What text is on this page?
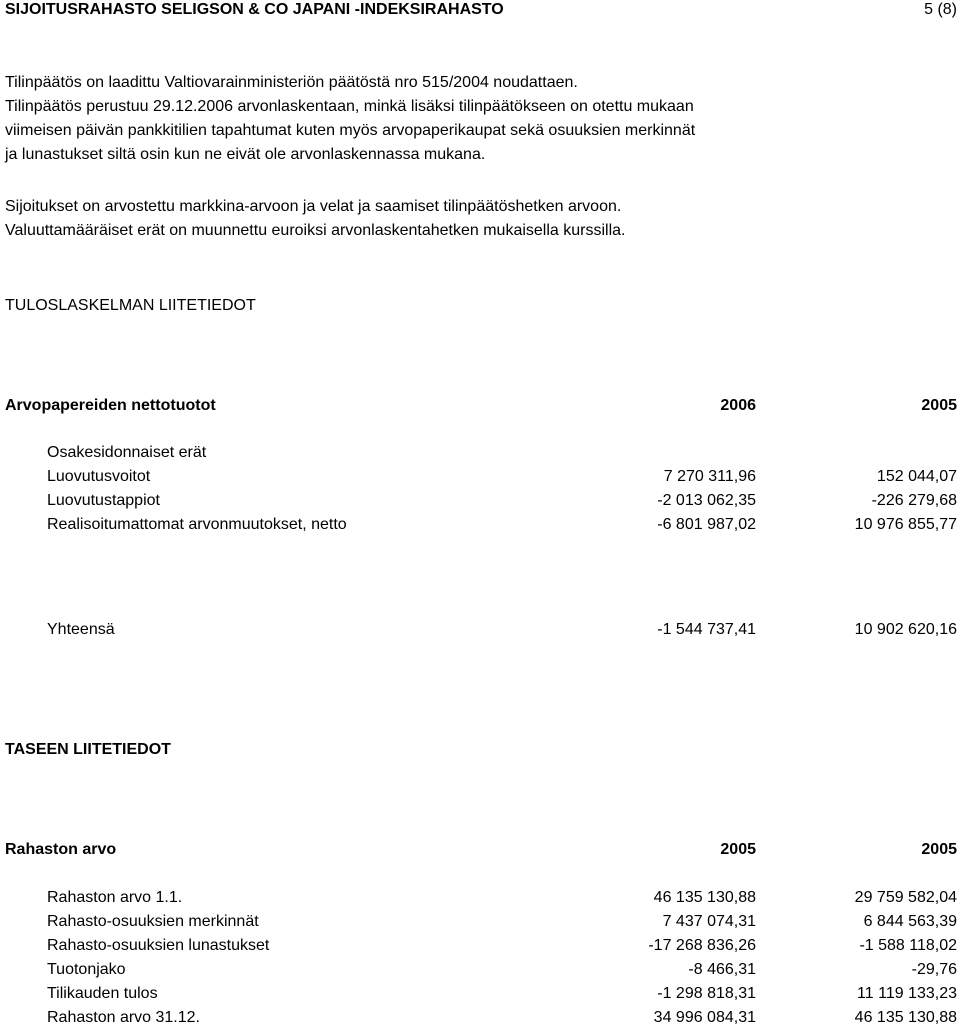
SIJOITUSRAHASTO SELIGSON & CO JAPANI -INDEKSIRAHASTO	5 (8)
Tilinpäätös on laadittu Valtiovarainministeriön päätöstä nro 515/2004 noudattaen.
Tilinpäätös perustuu 29.12.2006 arvonlaskentaan, minkä lisäksi tilinpäätökseen on otettu mukaan
viimeisen päivän pankkitilien tapahtumat kuten myös arvopaperikaupat sekä osuuksien merkinnät
ja lunastukset siltä osin kun ne eivät ole arvonlaskennassa mukana.
Sijoitukset on arvostettu markkina-arvoon ja velat ja saamiset tilinpäätöshetken arvoon.
Valuuttamääräiset erät on muunnettu euroiksi arvonlaskentahetken mukaisella kurssilla.
TULOSLASKELMAN LIITETIEDOT
Arvopapereiden nettotuotot	2006	2005
Osakesidonnaiset erät
Luovutusvoitot	7 270 311,96	152 044,07
Luovutustappiot	-2 013 062,35	-226 279,68
Realisoitumattomat arvonmuutokset, netto	-6 801 987,02	10 976 855,77
Yhteensä	-1 544 737,41	10 902 620,16
TASEEN LIITETIEDOT
Rahaston arvo	2005	2005
Rahaston arvo 1.1.	46 135 130,88	29 759 582,04
Rahasto-osuuksien merkinnät	7 437 074,31	6 844 563,39
Rahasto-osuuksien lunastukset	-17 268 836,26	-1 588 118,02
Tuotonjako	-8 466,31	-29,76
Tilikauden tulos	-1 298 818,31	11 119 133,23
Rahaston arvo 31.12.	34 996 084,31	46 135 130,88
